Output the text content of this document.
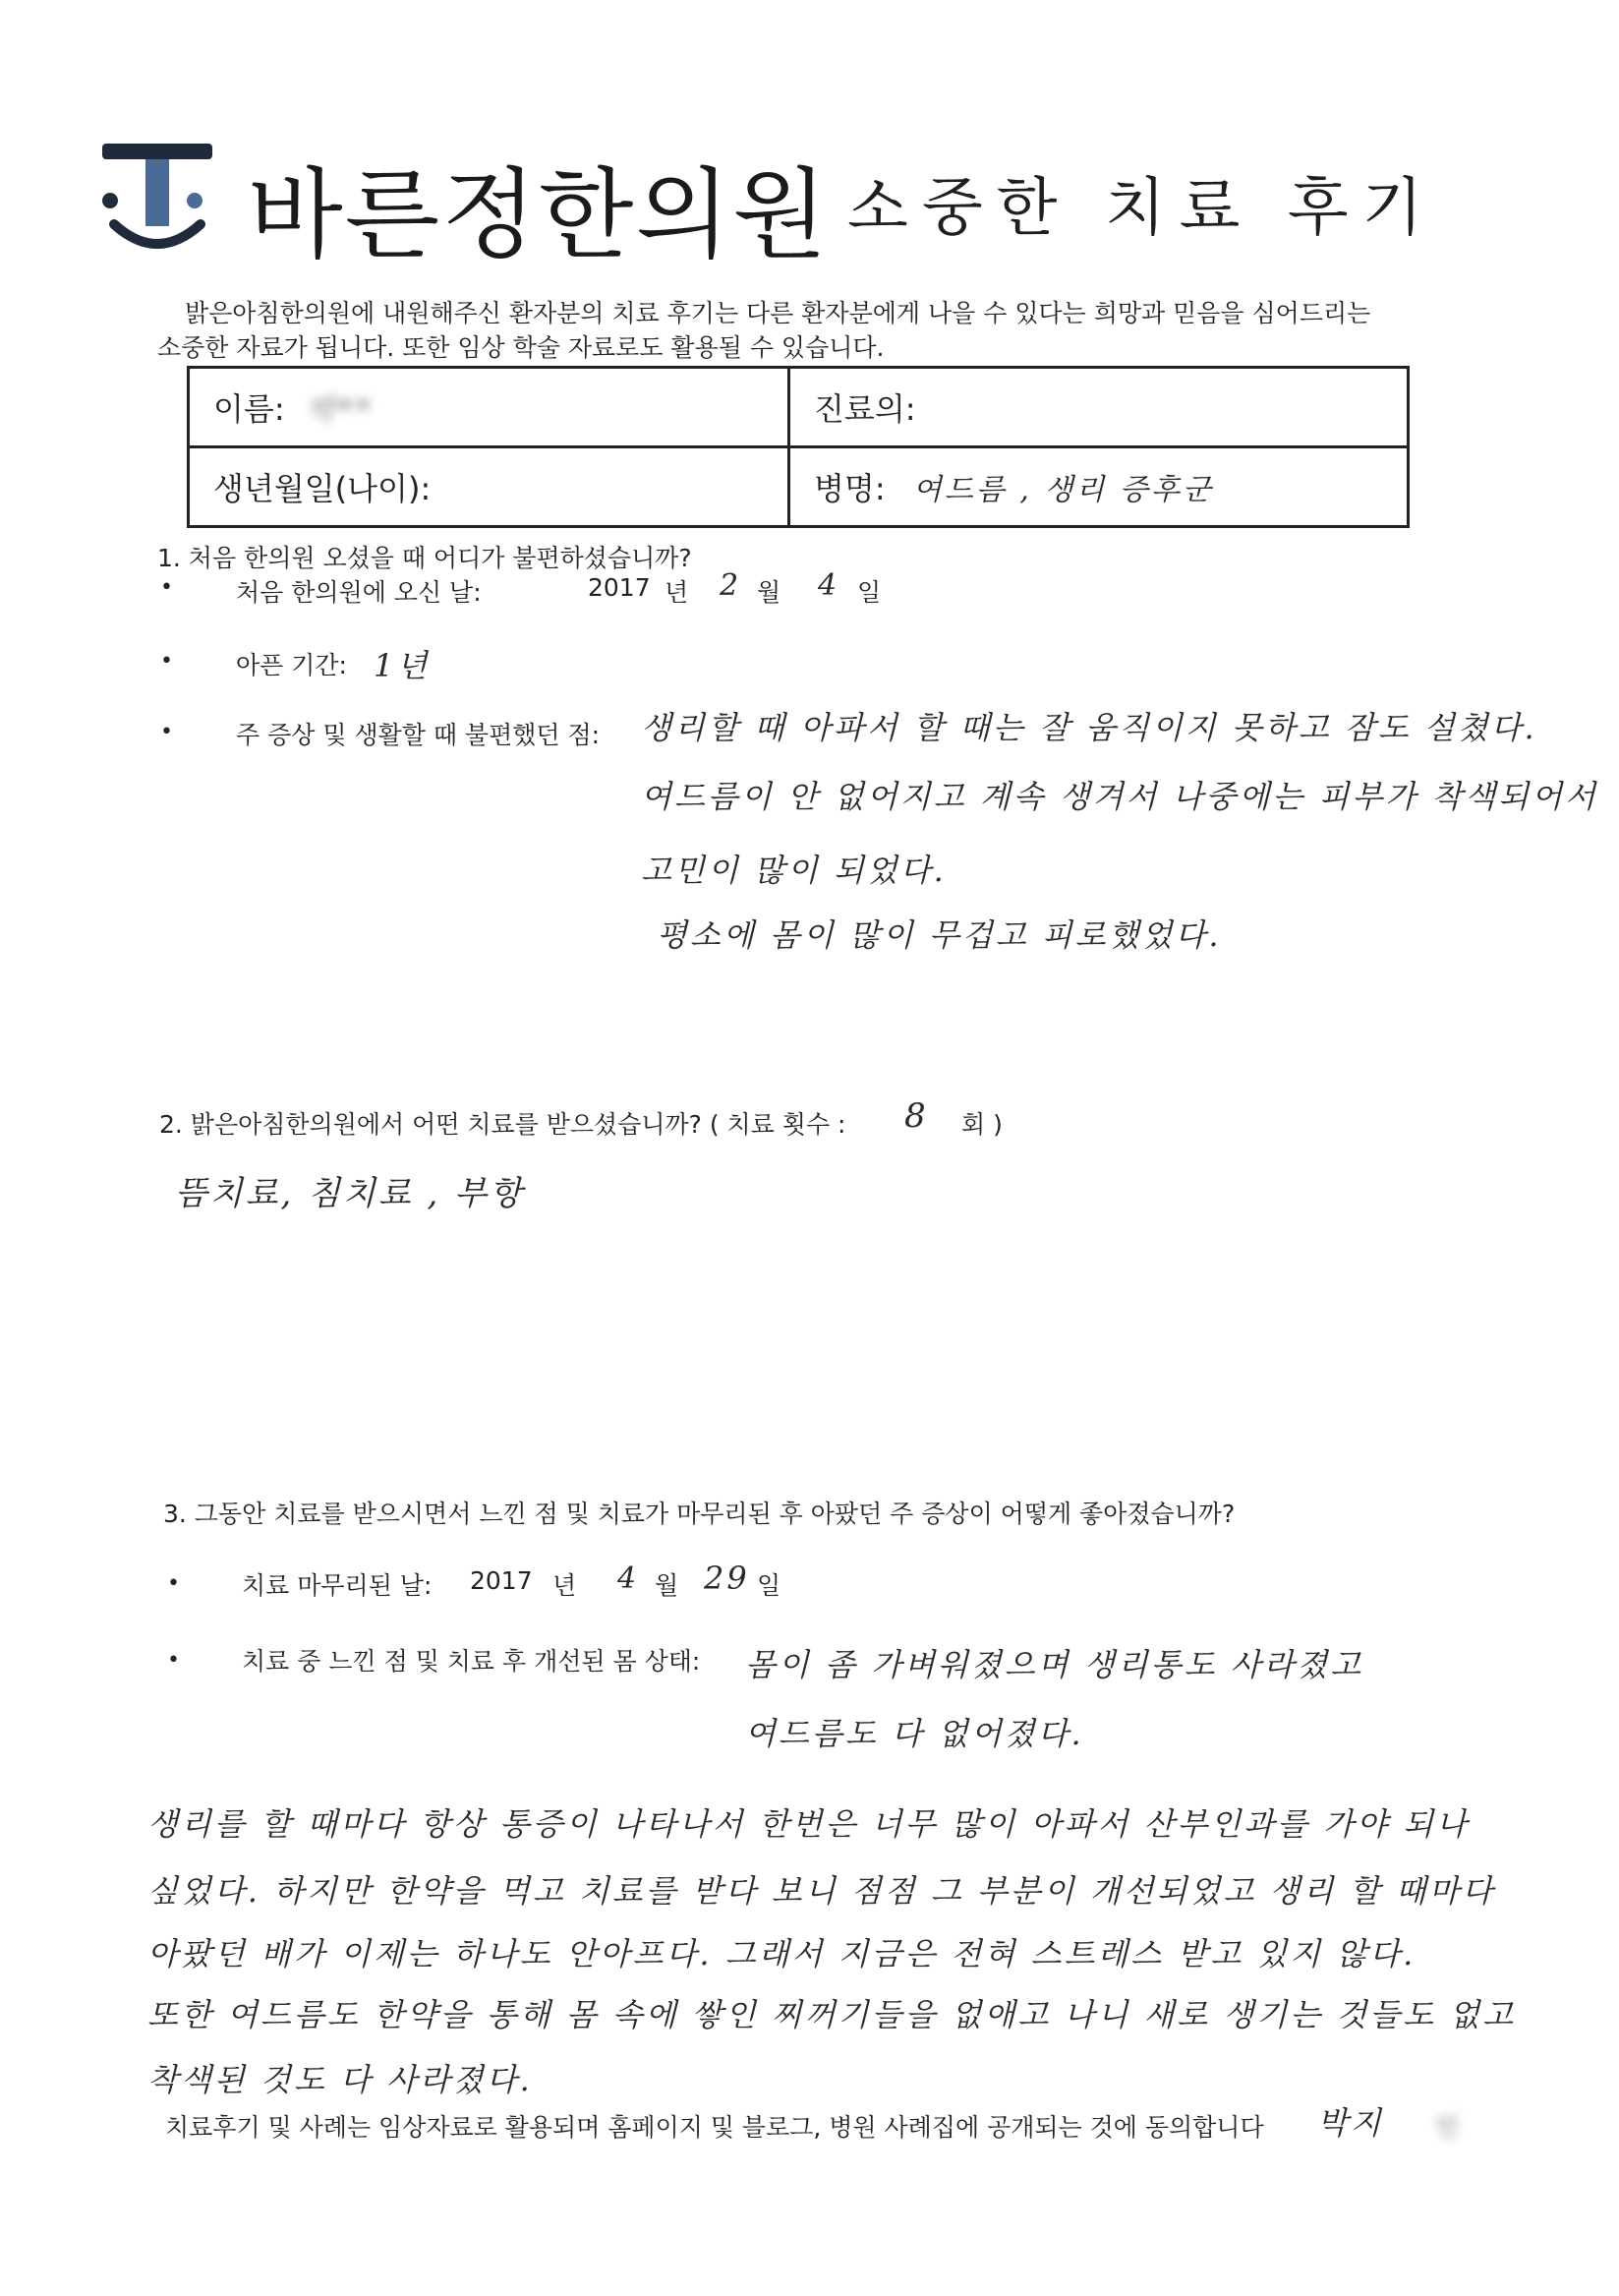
바른정한의원 소중한 치료 후기
밝은아침한의원에 내원해주신 환자분의 치료 후기는 다른 환자분에게 나을 수 있다는 희망과 믿음을 심어드리는
소중한 자료가 됩니다. 또한 임상 학술 자료로도 활용될 수 있습니다.
이름: 박**	진료의:
생년월일(나이):	병명: 여드름 , 생리 증후군
1. 처음 한의원 오셨을 때 어디가 불편하셨습니까?
•	처음 한의원에 오신 날:	2017 년 2 월 4 일
•	아픈 기간: 1년
•	주 증상 및 생활할 때 불편했던 점: 생리할 때 아파서 할 때는 잘 움직이지 못하고 잠도 설쳤다.
여드름이 안 없어지고 계속 생겨서 나중에는 피부가 착색되어서
고민이 많이 되었다.
평소에 몸이 많이 무겁고 피로했었다.
2. 밝은아침한의원에서 어떤 치료를 받으셨습니까? ( 치료 횟수 : 8 회 )
뜸치료, 침치료 , 부항
3. 그동안 치료를 받으시면서 느낀 점 및 치료가 마무리된 후 아팠던 주 증상이 어떻게 좋아졌습니까?
•	치료 마무리된 날: 2017 년 4 월 29 일
•	치료 중 느낀 점 및 치료 후 개선된 몸 상태: 몸이 좀 가벼워졌으며 생리통도 사라졌고
여드름도 다 없어졌다.
생리를 할 때마다 항상 통증이 나타나서 한번은 너무 많이 아파서 산부인과를 가야 되나
싶었다. 하지만 한약을 먹고 치료를 받다 보니 점점 그 부분이 개선되었고 생리 할 때마다
아팠던 배가 이제는 하나도 안아프다. 그래서 지금은 전혀 스트레스 받고 있지 않다.
또한 여드름도 한약을 통해 몸 속에 쌓인 찌꺼기들을 없애고 나니 새로 생기는 것들도 없고
착색된 것도 다 사라졌다.
치료후기 및 사례는 임상자료로 활용되며 홈페이지 및 블로그, 병원 사례집에 공개되는 것에 동의합니다 박지 인
